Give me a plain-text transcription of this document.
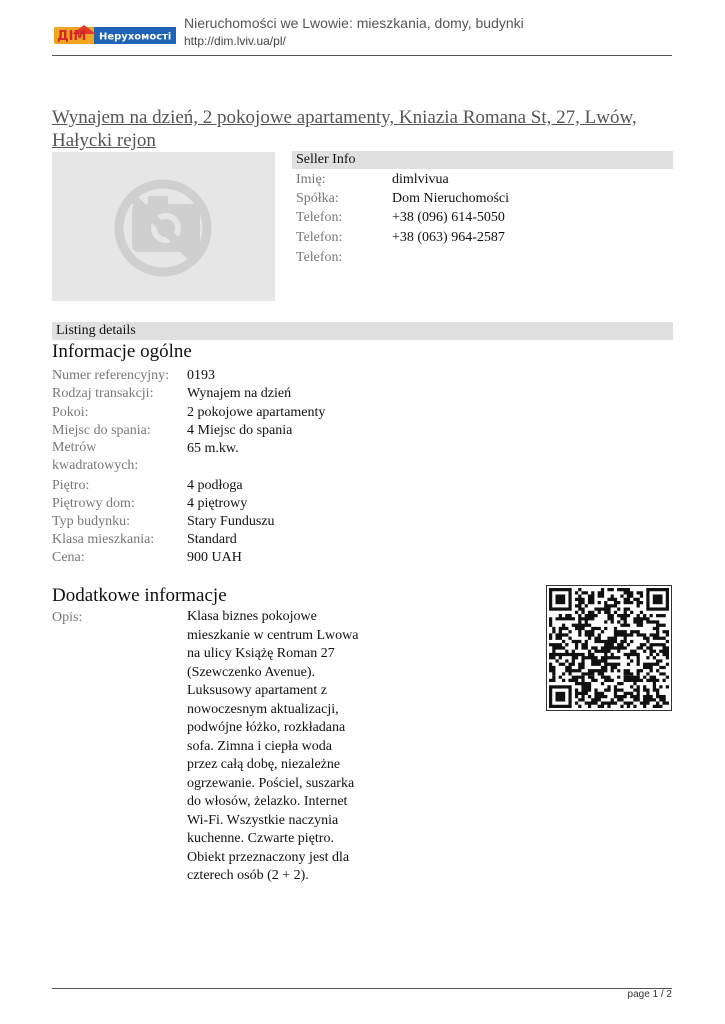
ДІМ Нерухомості
Nieruchomości we Lwowie: mieszkania, domy, budynki
http://dim.lviv.ua/pl/
Wynajem na dzień, 2 pokojowe apartamenty, Kniazia Romana St, 27, Lwów, Hałycki rejon
Seller Info
Imię:	dimlvivua
Spółka:	Dom Nieruchomości
Telefon:	+38 (096) 614-5050
Telefon:	+38 (063) 964-2587
Telefon:
Listing details
Informacje ogólne
Numer referencyjny: 0193
Rodzaj transakcji: Wynajem na dzień
Pokoi:	2 pokojowe apartamenty
Miejsc do spania:	4 Miejsc do spania
Metrów kwadratowych:
65 m.kw.
Piętro:	4 podłoga
Piętrowy dom:	4 piętrowy
Typ budynku:	Stary Funduszu
Klasa mieszkania: Standard
Cena:	900 UAH
Dodatkowe informacje
Opis:	Klasa biznes pokojowe mieszkanie w centrum Lwowa na ulicy Książę Roman 27 (Szewczenko Avenue). Luksusowy apartament z nowoczesnym aktualizacji, podwójne łóżko, rozkładana sofa. Zimna i ciepła woda przez całą dobę, niezależne ogrzewanie. Pościel, suszarka do włosów, żelazko. Internet Wi-Fi. Wszystkie naczynia kuchenne. Czwarte piętro. Obiekt przeznaczony jest dla czterech osób (2 + 2).
page 1 / 2
